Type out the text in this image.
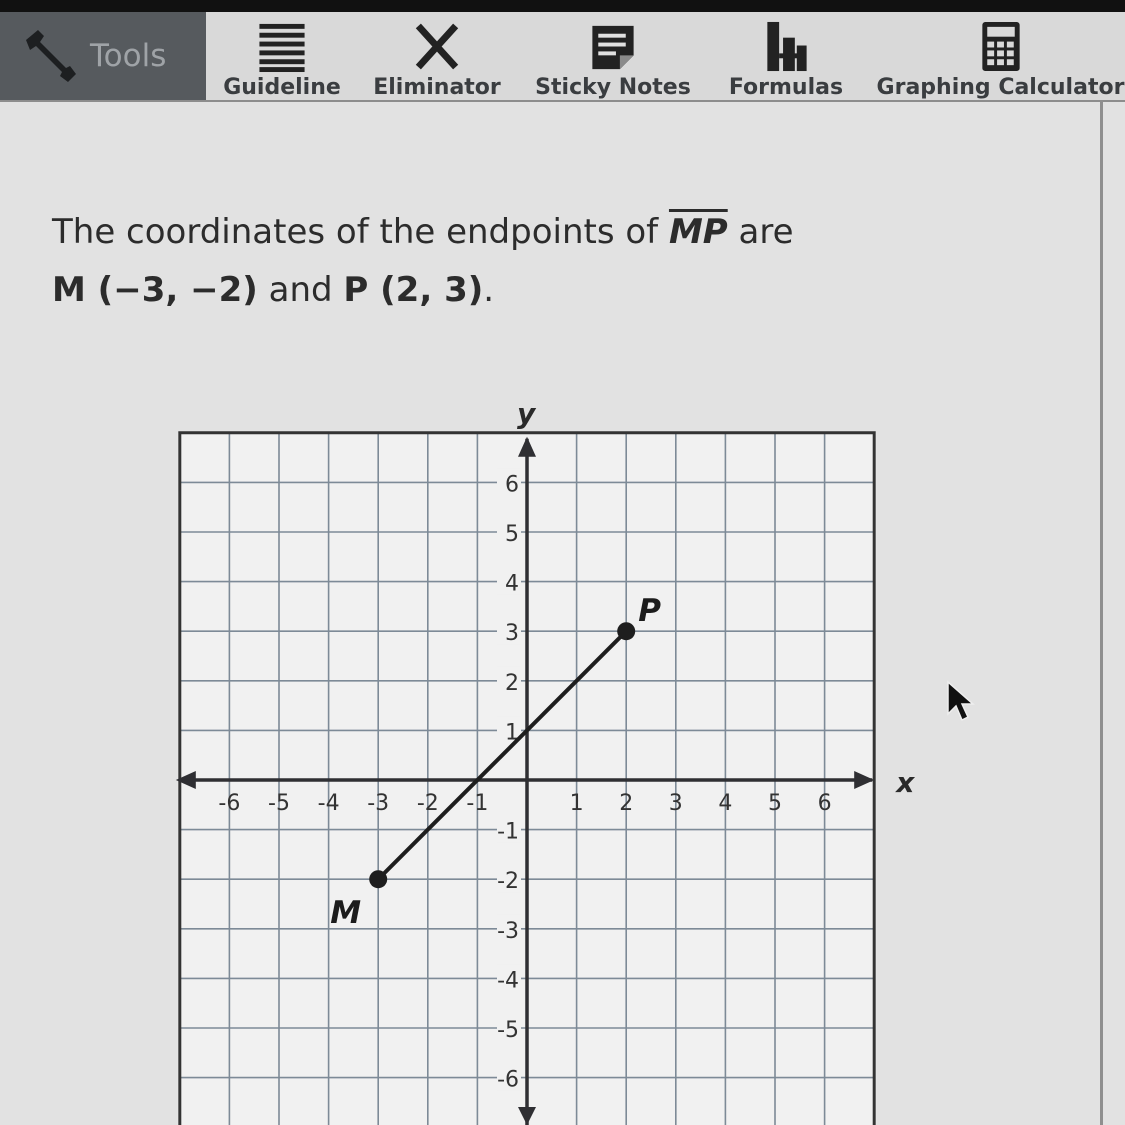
Tools
Guideline Eliminator Sticky Notes Formulas Graphing Calculator
The coordinates of the endpoints of $\overline{MP}$ are
M (−3, −2) and P (2, 3).
x
y
-6 -5 -4 -3 -2 -1	1 2 3 4 5 6
6
5
4
3
2
1
-1
-2
-3
-4
-5
-6
M
P
